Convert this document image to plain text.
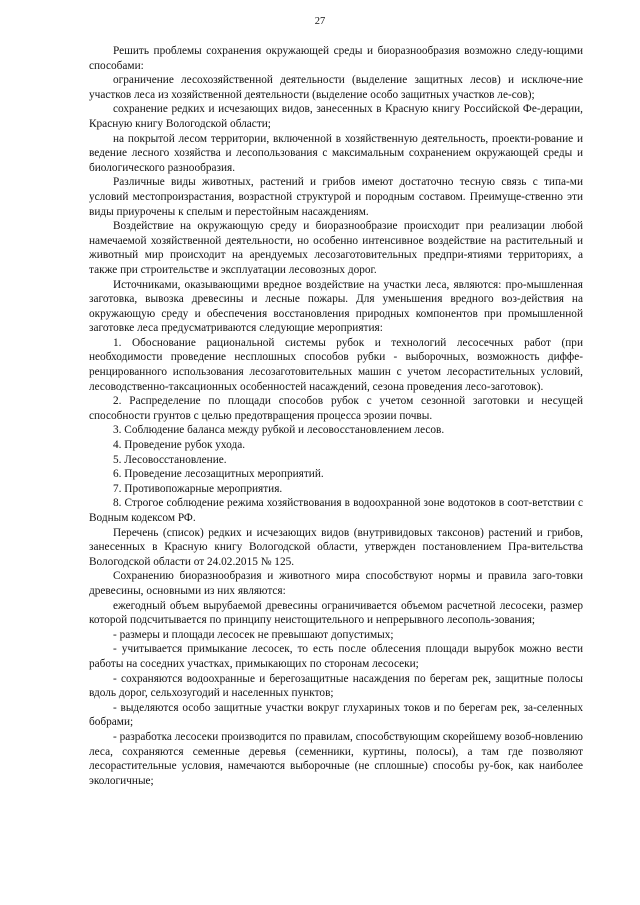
27

Решить проблемы сохранения окружающей среды и биоразнообразия возможно следу-ющими способами:

ограничение лесохозяйственной деятельности (выделение защитных лесов) и исключе-ние участков леса из хозяйственной деятельности (выделение особо защитных участков ле-сов);

сохранение редких и исчезающих видов, занесенных в Красную книгу Российской Фе-дерации, Красную книгу Вологодской области;

на покрытой лесом территории, включенной в хозяйственную деятельность, проекти-рование и ведение лесного хозяйства и лесопользования с максимальным сохранением окружающей среды и биологического разнообразия.

Различные виды животных, растений и грибов имеют достаточно тесную связь с типа-ми условий местопроизрастания, возрастной структурой и породным составом. Преимуще-ственно эти виды приурочены к спелым и перестойным насаждениям.

Воздействие на окружающую среду и биоразнообразие происходит при реализации любой намечаемой хозяйственной деятельности, но особенно интенсивное воздействие на растительный и животный мир происходит на арендуемых лесозаготовительных предпри-ятиями территориях, а также при строительстве и эксплуатации лесовозных дорог.

Источниками, оказывающими вредное воздействие на участки леса, являются: про-мышленная заготовка, вывозка древесины и лесные пожары. Для уменьшения вредного воз-действия на окружающую среду и обеспечения восстановления природных компонентов при промышленной заготовке леса предусматриваются следующие мероприятия:

1. Обоснование рациональной системы рубок и технологий лесосечных работ (при необходимости проведение несплошных способов рубки - выборочных, возможность диффе-ренцированного использования лесозаготовительных машин с учетом лесорастительных условий, лесоводственно-таксационных особенностей насаждений, сезона проведения лесо-заготовок).

2. Распределение по площади способов рубок с учетом сезонной заготовки и несущей способности грунтов с целью предотвращения процесса эрозии почвы.

3. Соблюдение баланса между рубкой и лесовосстановлением лесов.

4. Проведение рубок ухода.

5. Лесовосстановление.

6. Проведение лесозащитных мероприятий.

7. Противопожарные мероприятия.

8. Строгое соблюдение режима хозяйствования в водоохранной зоне водотоков в соот-ветствии с Водным кодексом РФ.

Перечень (список) редких и исчезающих видов (внутривидовых таксонов) растений и грибов, занесенных в Красную книгу Вологодской области, утвержден постановлением Пра-вительства Вологодской области от 24.02.2015 № 125.

Сохранению биоразнообразия и животного мира способствуют нормы и правила заго-товки древесины, основными из них являются:

ежегодный объем вырубаемой древесины ограничивается объемом расчетной лесосеки, размер которой подсчитывается по принципу неистощительного и непрерывного лесополь-зования;

- размеры и площади лесосек не превышают допустимых;

- учитывается примыкание лесосек, то есть после облесения площади вырубок можно вести работы на соседних участках, примыкающих по сторонам лесосеки;

- сохраняются водоохранные и берегозащитные насаждения по берегам рек, защитные полосы вдоль дорог, сельхозугодий и населенных пунктов;

- выделяются особо защитные участки вокруг глухариных токов и по берегам рек, за-селенных бобрами;

- разработка лесосеки производится по правилам, способствующим скорейшему возоб-новлению леса, сохраняются семенные деревья (семенники, куртины, полосы), а там где позволяют лесорастительные условия, намечаются выборочные (не сплошные) способы ру-бок, как наиболее экологичные;
